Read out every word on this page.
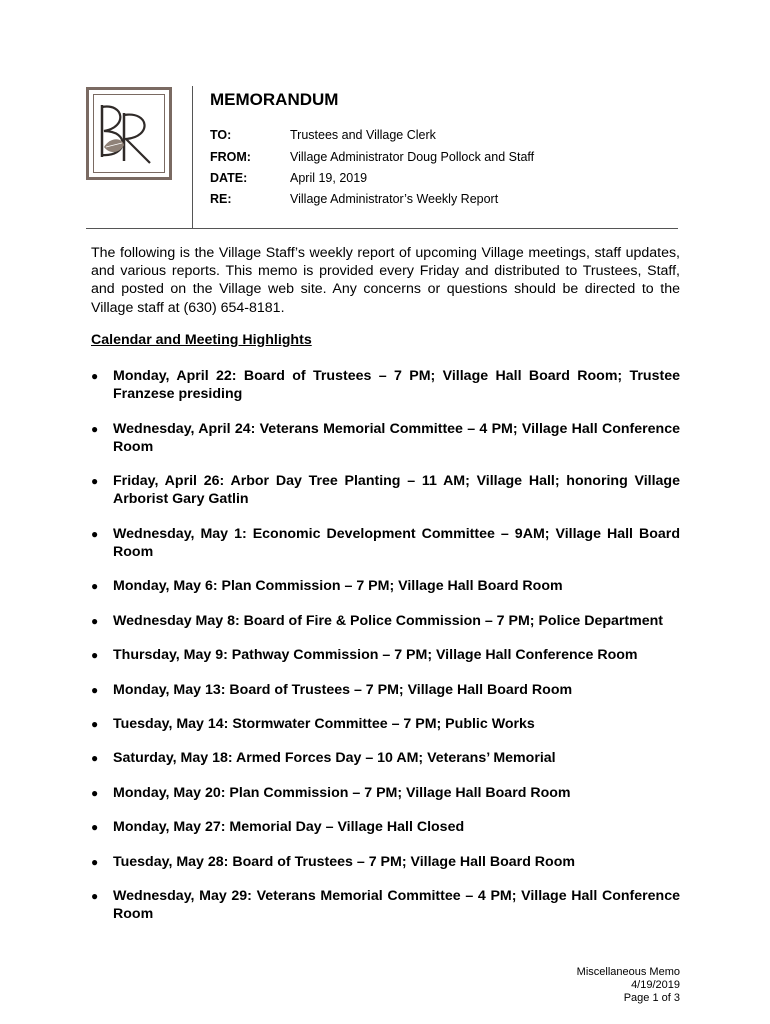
MEMORANDUM
TO:	Trustees and Village Clerk
FROM:	Village Administrator Doug Pollock and Staff
DATE:	April 19, 2019
RE:	Village Administrator’s Weekly Report
The following is the Village Staff’s weekly report of upcoming Village meetings, staff updates, and various reports. This memo is provided every Friday and distributed to Trustees, Staff, and posted on the Village web site. Any concerns or questions should be directed to the Village staff at (630) 654-8181.
Calendar and Meeting Highlights
● Monday, April 22: Board of Trustees – 7 PM; Village Hall Board Room; Trustee Franzese presiding
● Wednesday, April 24: Veterans Memorial Committee – 4 PM; Village Hall Conference Room
● Friday, April 26: Arbor Day Tree Planting – 11 AM; Village Hall; honoring Village Arborist Gary Gatlin
● Wednesday, May 1: Economic Development Committee – 9AM; Village Hall Board Room
● Monday, May 6: Plan Commission – 7 PM; Village Hall Board Room
● Wednesday May 8: Board of Fire & Police Commission – 7 PM; Police Department
● Thursday, May 9: Pathway Commission – 7 PM; Village Hall Conference Room
● Monday, May 13: Board of Trustees – 7 PM; Village Hall Board Room
● Tuesday, May 14: Stormwater Committee – 7 PM; Public Works
● Saturday, May 18: Armed Forces Day – 10 AM; Veterans’ Memorial
● Monday, May 20: Plan Commission – 7 PM; Village Hall Board Room
● Monday, May 27: Memorial Day – Village Hall Closed
● Tuesday, May 28: Board of Trustees – 7 PM; Village Hall Board Room
● Wednesday, May 29: Veterans Memorial Committee – 4 PM; Village Hall Conference Room
Miscellaneous Memo
4/19/2019
Page 1 of 3
